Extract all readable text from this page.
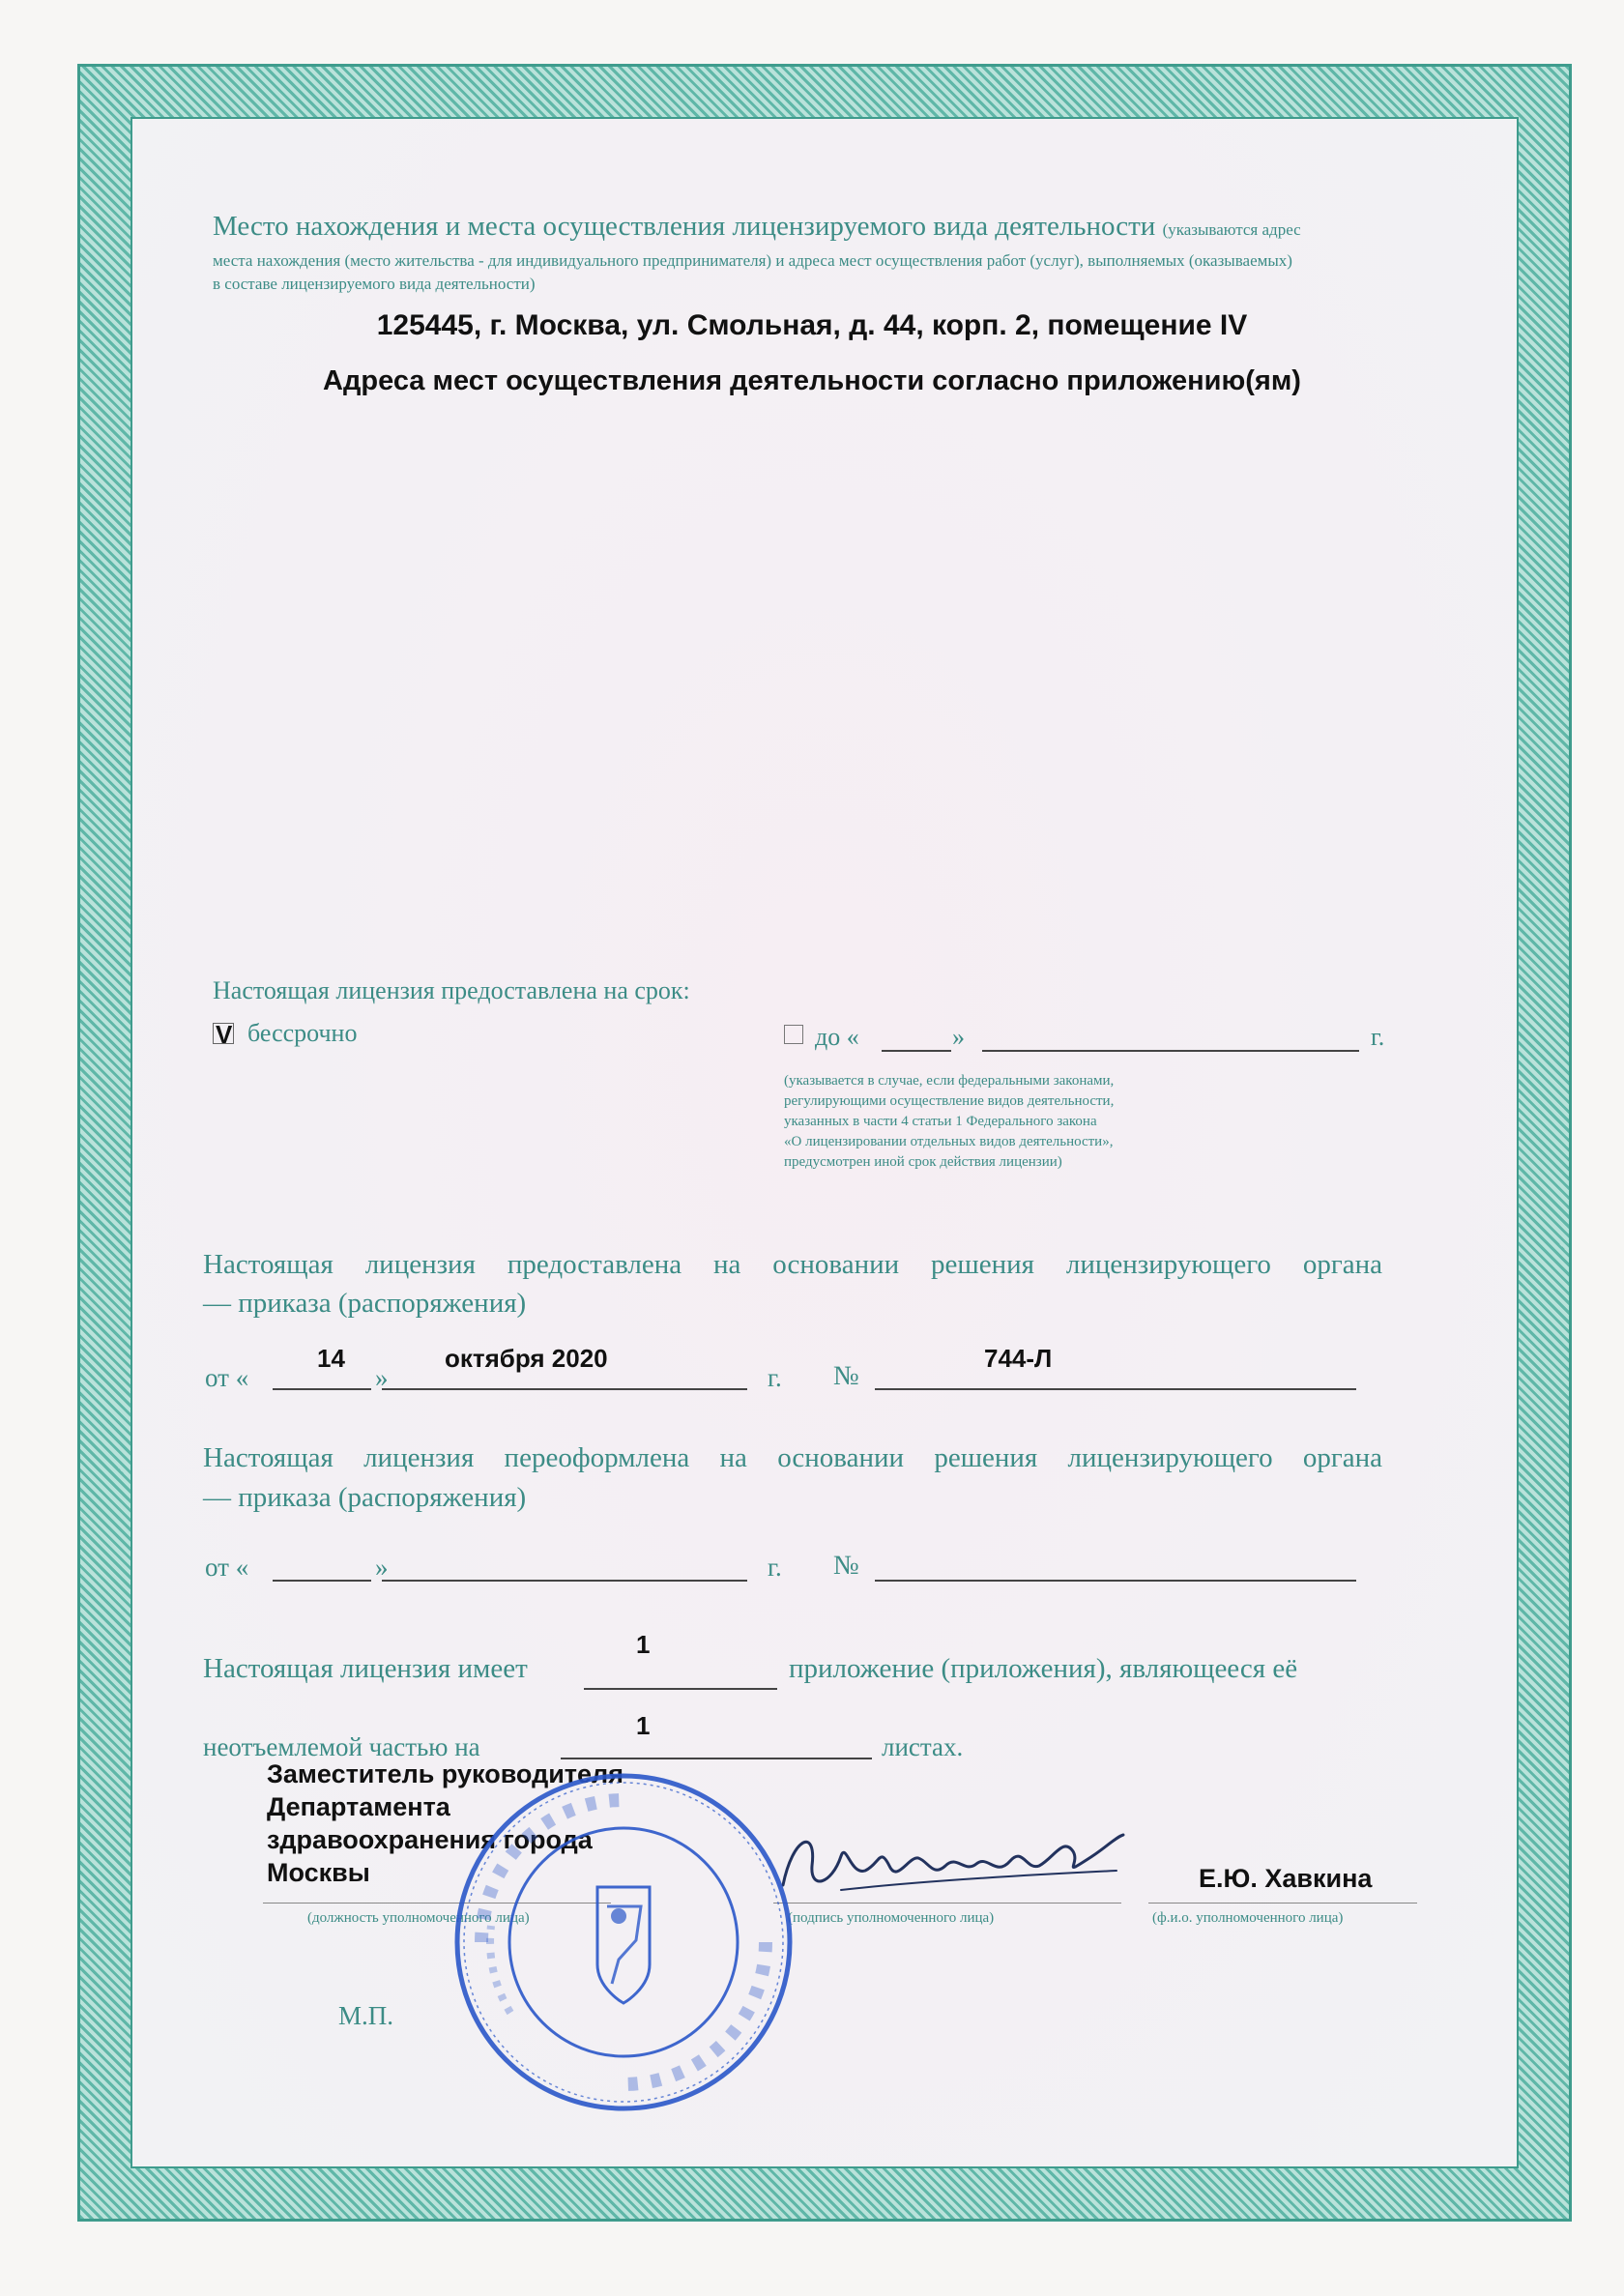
Место нахождения и места осуществления лицензируемого вида деятельности (указываются адрес
места нахождения (место жительства - для индивидуального предпринимателя) и адреса мест осуществления работ (услуг), выполняемых (оказываемых)
в составе лицензируемого вида деятельности)
125445, г. Москва, ул. Смольная, д. 44, корп. 2, помещение IV
Адреса мест осуществления деятельности согласно приложению(ям)
Настоящая лицензия предоставлена на срок:
V бессрочно	до «	»	г.
(указывается в случае, если федеральными законами,
регулирующими осуществление видов деятельности,
указанных в части 4 статьи 1 Федерального закона
«О лицензировании отдельных видов деятельности»,
предусмотрен иной срок действия лицензии)
Настоящая лицензия предоставлена на основании решения лицензирующего органа
— приказа (распоряжения)
от «
14
»
октября 2020
г. №
744-Л
Настоящая лицензия переоформлена на основании решения лицензирующего органа
— приказа (распоряжения)
от «	»	г. №
Настоящая лицензия имеет
1
приложение (приложения), являющееся её
неотъемлемой частью на
1
листах.
Заместитель руководителя
Департамента
здравоохранения города
Москвы	Е.Ю. Хавкина
(должность уполномоченного лица)	(подпись уполномоченного лица)	(ф.и.о. уполномоченного лица)
М.П.
